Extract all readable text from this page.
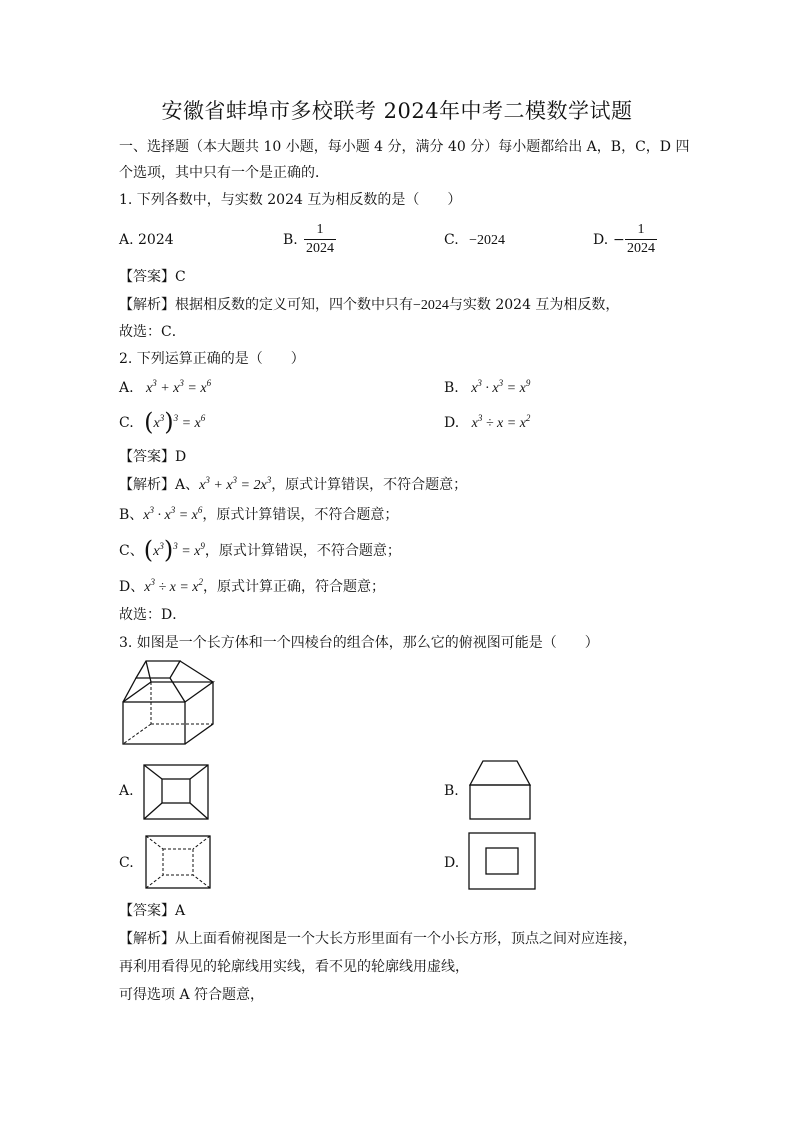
安徽省蚌埠市多校联考 2024年中考二模数学试题
一、选择题（本大题共 10 小题，每小题 4 分，满分 40 分）每小题都给出 A，B，C，D 四
个选项，其中只有一个是正确的．
1. 下列各数中，与实数 2024 互为相反数的是（　　）
A. 2024	B. $\frac{1}{2024}$	C. −2024	D. − $\frac{1}{2024}$
【答案】C
【解析】根据相反数的定义可知，四个数中只有−2024与实数 2024 互为相反数，
故选：C．
2. 下列运算正确的是（　　）
A. $x^3 + x^3 = x^6$	B. $x^3 \cdot x^3 = x^9$
C. $(x^3)^3 = x^6$	D. $x^3 \div x = x^2$
【答案】D
【解析】A、$x^3 + x^3 = 2x^3$，原式计算错误，不符合题意；
B、$x^3 \cdot x^3 = x^6$，原式计算错误，不符合题意；
C、$(x^3)^3 = x^9$，原式计算错误，不符合题意；
D、$x^3 \div x = x^2$，原式计算正确，符合题意；
故选：D．
3. 如图是一个长方体和一个四棱台的组合体，那么它的俯视图可能是（　　）
A.	B.
C.	D.
【答案】A
【解析】从上面看俯视图是一个大长方形里面有一个小长方形，顶点之间对应连接，
再利用看得见的轮廓线用实线，看不见的轮廓线用虚线，
可得选项 A 符合题意，
